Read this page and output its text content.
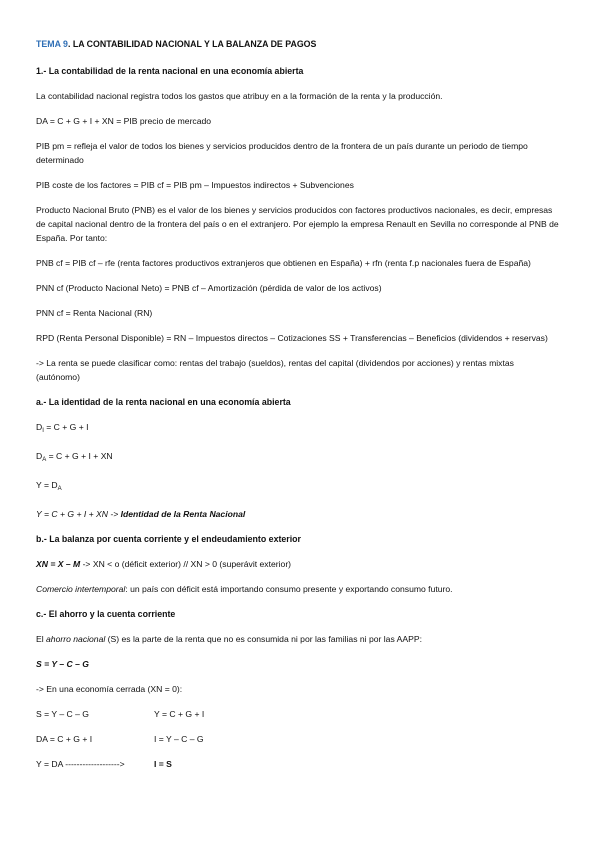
TEMA 9. LA CONTABILIDAD NACIONAL Y LA BALANZA DE PAGOS

1.- La contabilidad de la renta nacional en una economía abierta

La contabilidad nacional registra todos los gastos que atribuy en a la formación de la renta y la producción.

DA = C + G + I + XN = PIB precio de mercado

PIB pm = refleja el valor de todos los bienes y servicios producidos dentro de la frontera de un país durante un periodo de tiempo determinado

PIB coste de los factores = PIB cf = PIB pm – Impuestos indirectos + Subvenciones

Producto Nacional Bruto (PNB) es el valor de los bienes y servicios producidos con factores productivos nacionales, es decir, empresas de capital nacional dentro de la frontera del país o en el extranjero. Por ejemplo la empresa Renault en Sevilla no corresponde al PNB de España. Por tanto:

PNB cf = PIB cf – rfe (renta factores productivos extranjeros que obtienen en España) + rfn (renta f.p nacionales fuera de España)

PNN cf (Producto Nacional Neto) = PNB cf – Amortización (pérdida de valor de los activos)

PNN cf = Renta Nacional (RN)

RPD (Renta Personal Disponible) = RN – Impuestos directos – Cotizaciones SS + Transferencias – Beneficios (dividendos + reservas)

-> La renta se puede clasificar como: rentas del trabajo (sueldos), rentas del capital (dividendos por acciones) y rentas mixtas (autónomo)

a.- La identidad de la renta nacional en una economía abierta

$D_I = C + G + I$

$D_A = C + G + I$ + XN

$Y = D_A$

Y = C + G + I + XN -> Identidad de la Renta Nacional

b.- La balanza por cuenta corriente y el endeudamiento exterior

XN = X – M -> XN < o (déficit exterior) // XN > 0 (superávit exterior)

Comercio intertemporal: un país con déficit está importando consumo presente y exportando consumo futuro.

c.- El ahorro y la cuenta corriente

El ahorro nacional (S) es la parte de la renta que no es consumida ni por las familias ni por las AAPP:

S = Y – C – G

-> En una economía cerrada (XN = 0):

S = Y – C – G	Y = C + G + I
DA = C + G + I	I = Y – C – G
Y = DA ------------------->	I = S
